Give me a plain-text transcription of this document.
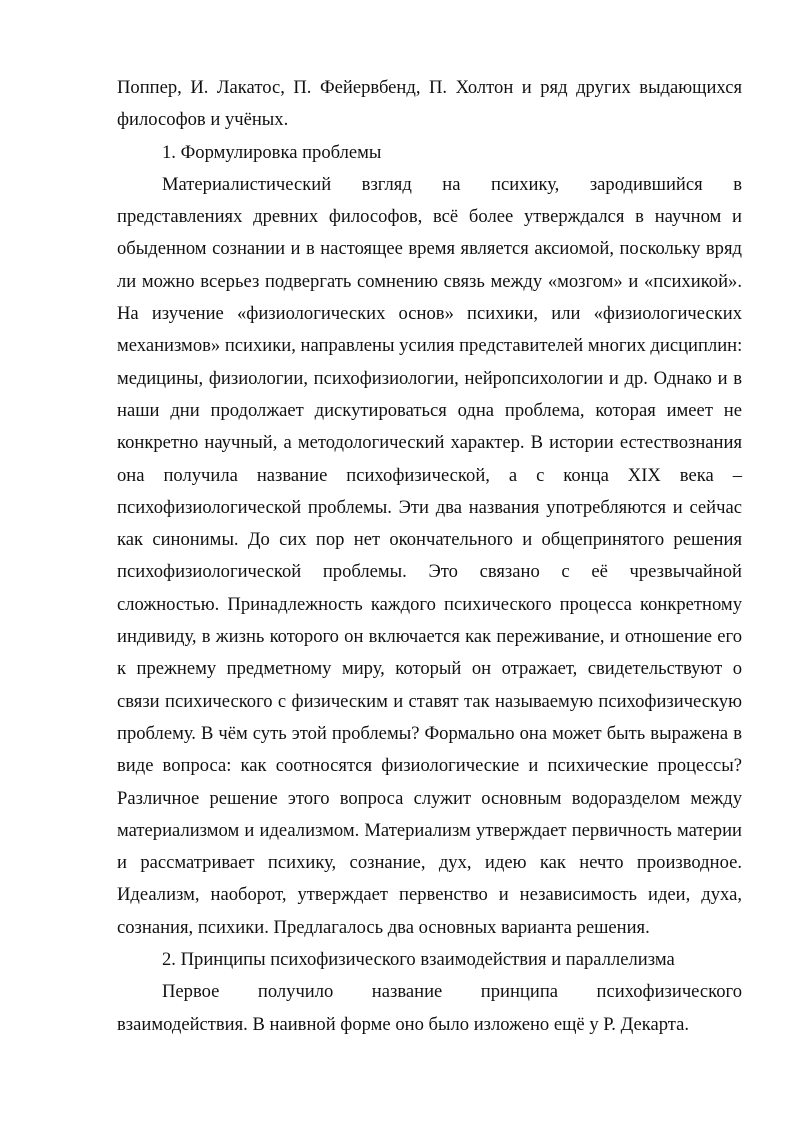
Поппер, И. Лакатос, П. Фейервбенд, П. Холтон и ряд других выдающихся
философов и учёных.
1. Формулировка проблемы
Материалистический взгляд на психику, зародившийся в
представлениях древних философов, всё более утверждался в научном и
обыденном сознании и в настоящее время является аксиомой, поскольку вряд
ли можно всерьез подвергать сомнению связь между «мозгом» и «психикой».
На изучение «физиологических основ» психики, или «физиологических
механизмов» психики, направлены усилия представителей многих дисциплин:
медицины, физиологии, психофизиологии, нейропсихологии и др. Однако и в
наши дни продолжает дискутироваться одна проблема, которая имеет не
конкретно научный, а методологический характер. В истории естествознания
она получила название психофизической, а с конца XIX века –
психофизиологической проблемы. Эти два названия употребляются и сейчас
как синонимы. До сих пор нет окончательного и общепринятого решения
психофизиологической проблемы. Это связано с её чрезвычайной
сложностью. Принадлежность каждого психического процесса конкретному
индивиду, в жизнь которого он включается как переживание, и отношение его
к прежнему предметному миру, который он отражает, свидетельствуют о
связи психического с физическим и ставят так называемую психофизическую
проблему. В чём суть этой проблемы? Формально она может быть выражена в
виде вопроса: как соотносятся физиологические и психические процессы?
Различное решение этого вопроса служит основным водоразделом между
материализмом и идеализмом. Материализм утверждает первичность материи
и рассматривает психику, сознание, дух, идею как нечто производное.
Идеализм, наоборот, утверждает первенство и независимость идеи, духа,
сознания, психики. Предлагалось два основных варианта решения.
2. Принципы психофизического взаимодействия и параллелизма
Первое получило название принципа психофизического
взаимодействия. В наивной форме оно было изложено ещё у Р. Декарта.
